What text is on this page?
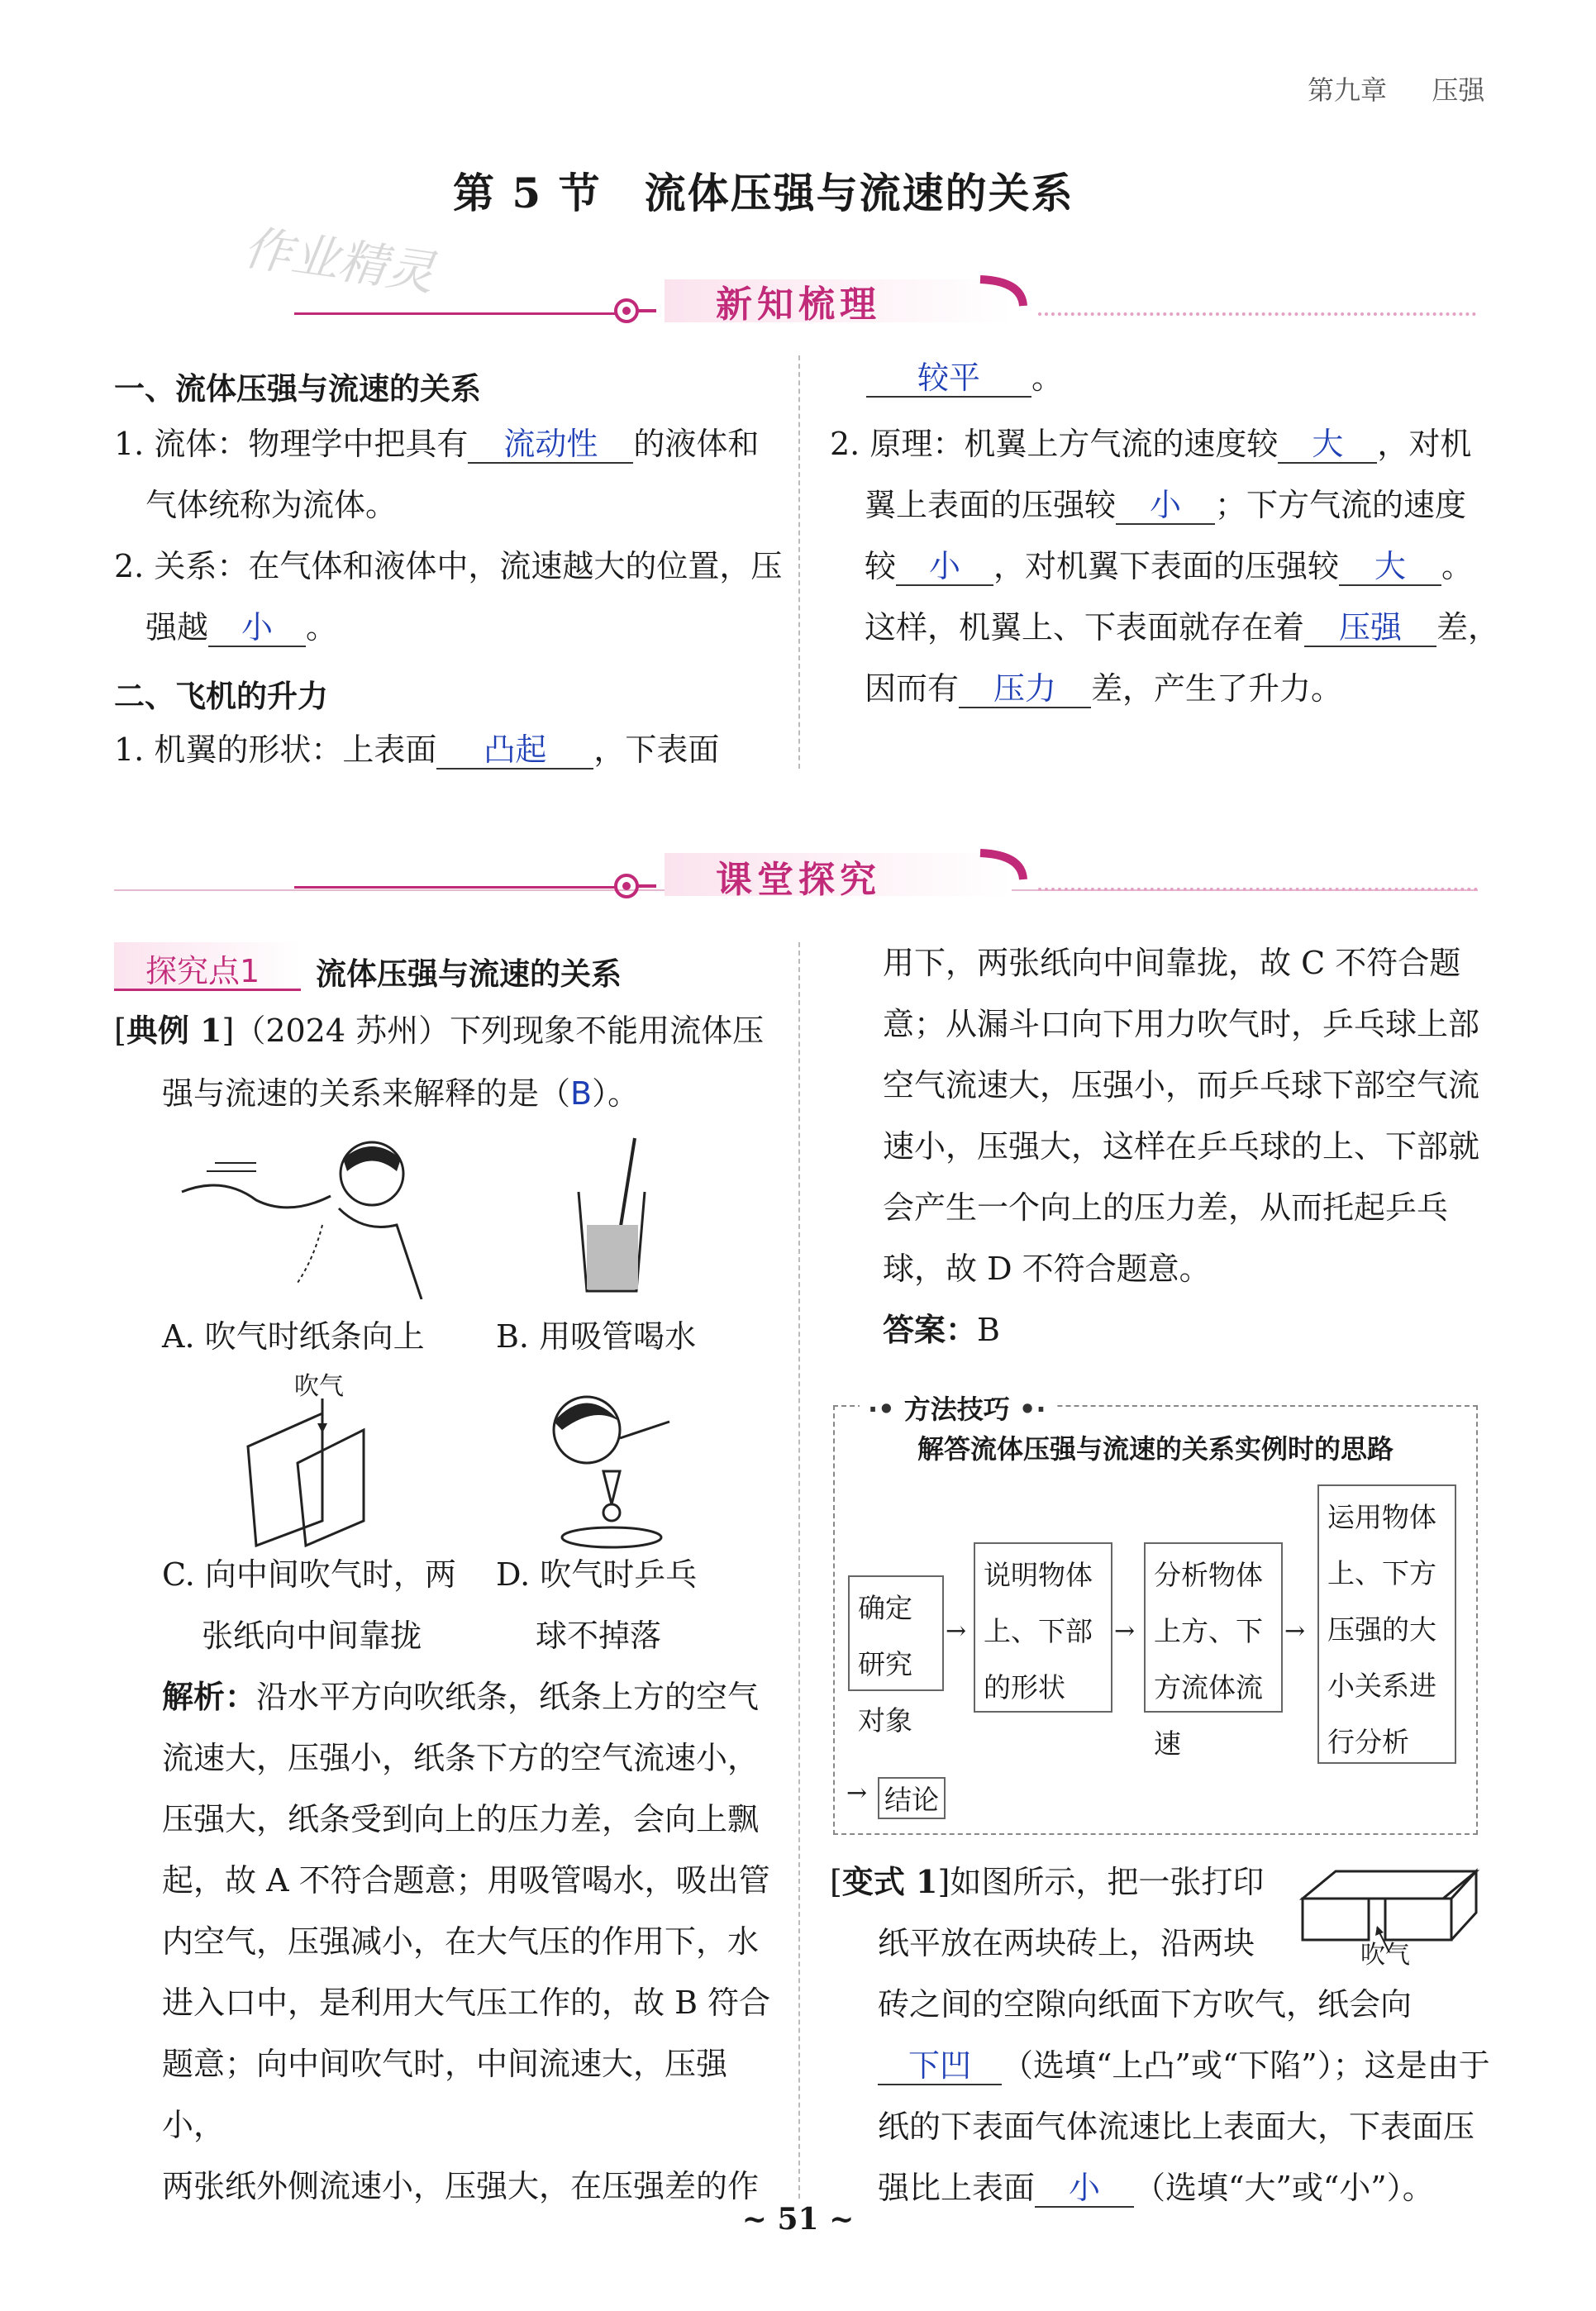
第九章 压强
第 5 节　流体压强与流速的关系
作业精灵
新知梳理
一、流体压强与流速的关系
1. 流体：物理学中把具有 流动性 的液体和
气体统称为流体。
2. 关系：在气体和液体中，流速越大的位置，压
强越 小 。
二、飞机的升力
1. 机翼的形状：上表面 凸起 ，下表面
较平 。
2. 原理：机翼上方气流的速度较 大 ，对机
翼上表面的压强较 小 ；下方气流的速度
较 小 ，对机翼下表面的压强较 大 。
这样，机翼上、下表面就存在着 压强 差，
因而有 压力 差，产生了升力。
课堂探究
探究点1 流体压强与流速的关系
[典例 1]（2024 苏州）下列现象不能用流体压
强与流速的关系来解释的是（B）。
A. 吹气时纸条向上 B. 用吸管喝水
吹气
C. 向中间吹气时，两
张纸向中间靠拢
D. 吹气时乒乓
球不掉落
解析：沿水平方向吹纸条，纸条上方的空气
流速大，压强小，纸条下方的空气流速小，
压强大，纸条受到向上的压力差，会向上飘
起，故 A 不符合题意；用吸管喝水，吸出管
内空气，压强减小，在大气压的作用下，水
进入口中，是利用大气压工作的，故 B 符合
题意；向中间吹气时，中间流速大，压强小，
两张纸外侧流速小，压强大，在压强差的作
用下，两张纸向中间靠拢，故 C 不符合题
意；从漏斗口向下用力吹气时，乒乓球上部
空气流速大，压强小，而乒乓球下部空气流
速小，压强大，这样在乒乓球的上、下部就
会产生一个向上的压力差，从而托起乒乓
球，故 D 不符合题意。
答案：B
·• 方法技巧 •·
解答流体压强与流速的关系实例时的思路
确定研究对象
→
说明物体上、下部的形状
→
分析物体上方、下方流体流速
→
运用物体上、下方压强的大小关系进行分析
→ 结论
[变式 1]如图所示，把一张打印
吹气
纸平放在两块砖上，沿两块
砖之间的空隙向纸面下方吹气，纸会向
下凹 （选填“上凸”或“下陷”）；这是由于
纸的下表面气体流速比上表面大，下表面压
强比上表面 小 （选填“大”或“小”）。
~ 51 ~
